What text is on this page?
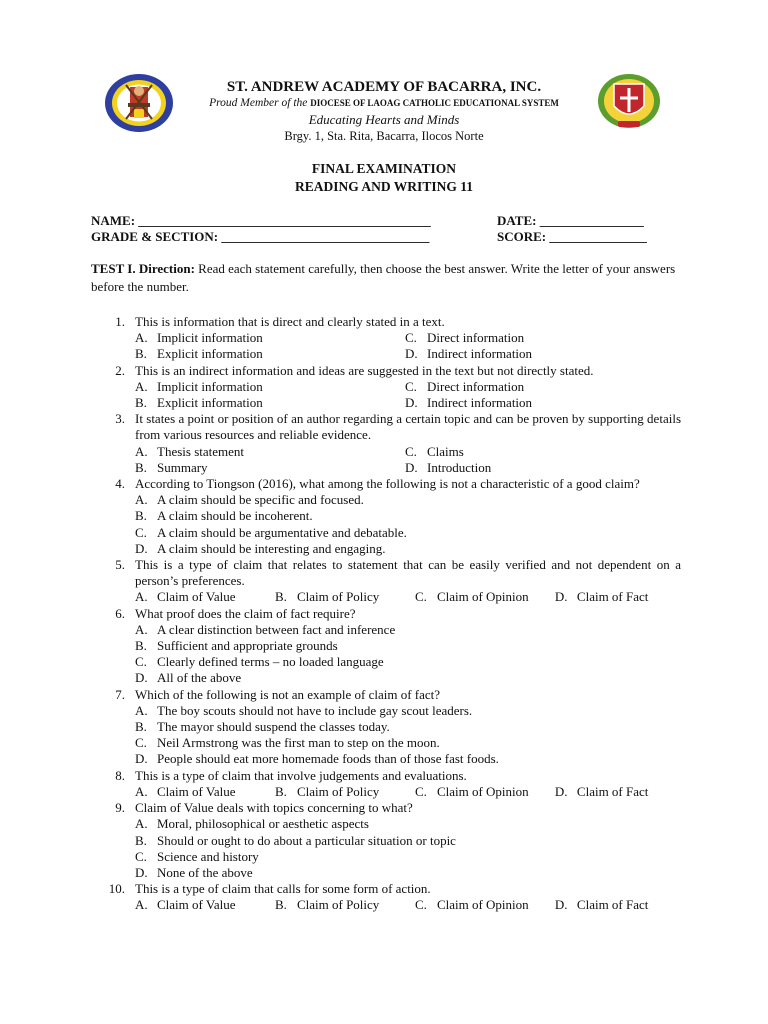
ST. ANDREW ACADEMY OF BACARRA, INC.
Proud Member of the DIOCESE OF LAOAG CATHOLIC EDUCATIONAL SYSTEM
Educating Hearts and Minds
Brgy. 1, Sta. Rita, Bacarra, Ilocos Norte
FINAL EXAMINATION
READING AND WRITING 11
NAME: _____________________________________________	DATE: ________________
GRADE & SECTION: ________________________________	SCORE: _______________
TEST I. Direction: Read each statement carefully, then choose the best answer. Write the letter of your answers before the number.
1. This is information that is direct and clearly stated in a text.
A. Implicit information	C. Direct information
B. Explicit information	D. Indirect information
2. This is an indirect information and ideas are suggested in the text but not directly stated.
A. Implicit information	C. Direct information
B. Explicit information	D. Indirect information
3. It states a point or position of an author regarding a certain topic and can be proven by supporting details from various resources and reliable evidence.
A. Thesis statement	C. Claims
B. Summary	D. Introduction
4. According to Tiongson (2016), what among the following is not a characteristic of a good claim?
A. A claim should be specific and focused.
B. A claim should be incoherent.
C. A claim should be argumentative and debatable.
D. A claim should be interesting and engaging.
5. This is a type of claim that relates to statement that can be easily verified and not dependent on a person’s preferences.
A. Claim of Value	B. Claim of Policy	C. Claim of Opinion	D. Claim of Fact
6. What proof does the claim of fact require?
A. A clear distinction between fact and inference
B. Sufficient and appropriate grounds
C. Clearly defined terms – no loaded language
D. All of the above
7. Which of the following is not an example of claim of fact?
A. The boy scouts should not have to include gay scout leaders.
B. The mayor should suspend the classes today.
C. Neil Armstrong was the first man to step on the moon.
D. People should eat more homemade foods than of those fast foods.
8. This is a type of claim that involve judgements and evaluations.
A. Claim of Value	B. Claim of Policy	C. Claim of Opinion	D. Claim of Fact
9. Claim of Value deals with topics concerning to what?
A. Moral, philosophical or aesthetic aspects
B. Should or ought to do about a particular situation or topic
C. Science and history
D. None of the above
10. This is a type of claim that calls for some form of action.
A. Claim of Value	B. Claim of Policy	C. Claim of Opinion	D. Claim of Fact
